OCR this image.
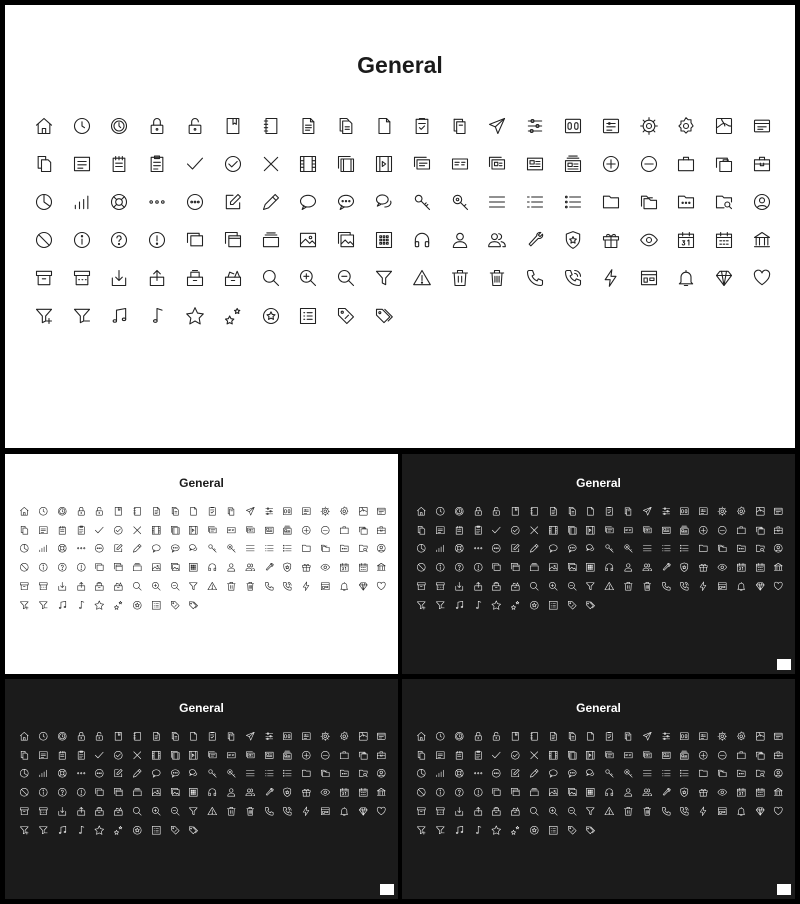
General
General	General
General	General
